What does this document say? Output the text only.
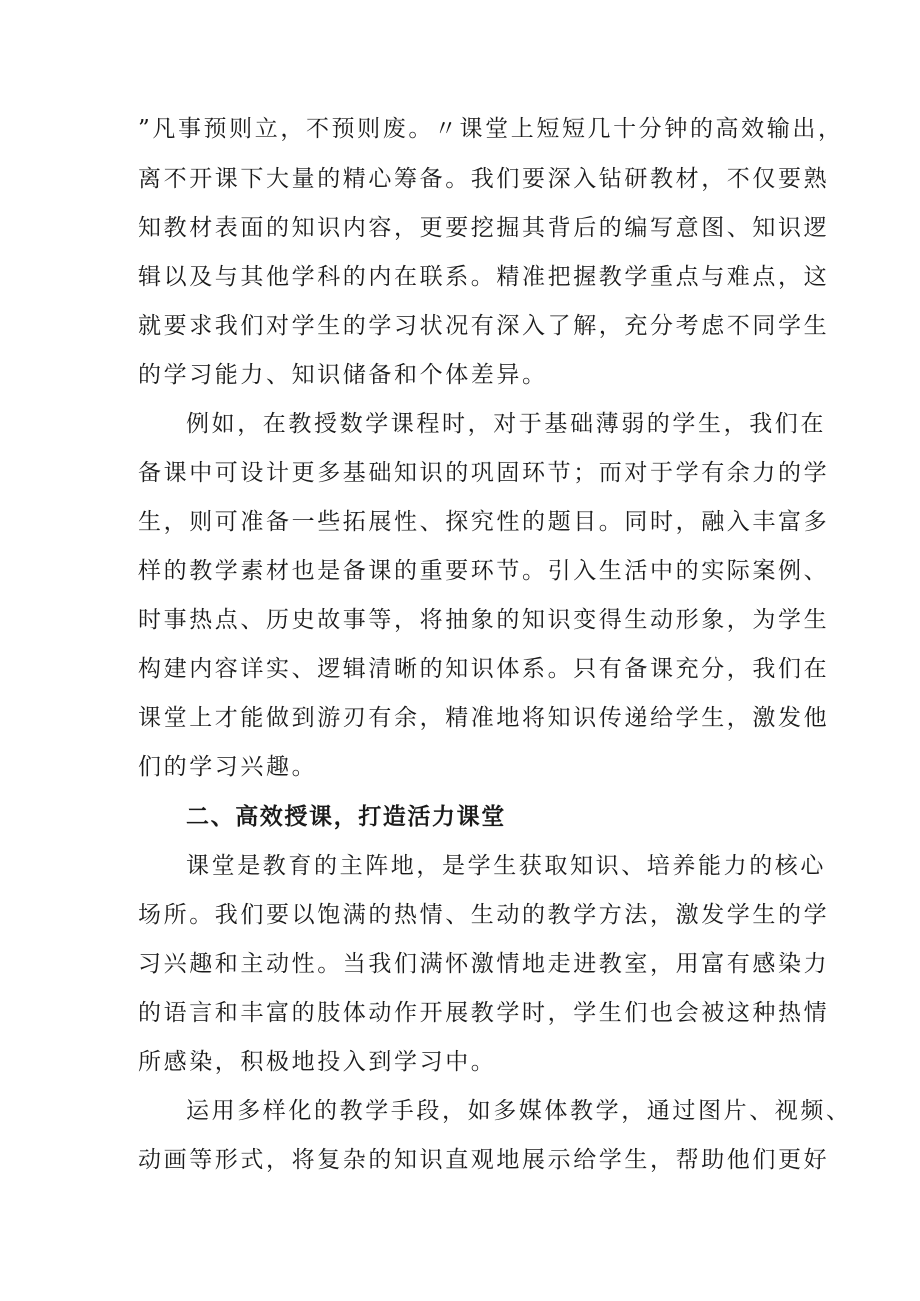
”凡事预则立，不预则废。〃课堂上短短几十分钟的高效输出，

离不开课下大量的精心筹备。我们要深入钻研教材，不仅要熟

知教材表面的知识内容，更要挖掘其背后的编写意图、知识逻

辑以及与其他学科的内在联系。精准把握教学重点与难点，这

就要求我们对学生的学习状况有深入了解，充分考虑不同学生

的学习能力、知识储备和个体差异。

例如，在教授数学课程时，对于基础薄弱的学生，我们在

备课中可设计更多基础知识的巩固环节；而对于学有余力的学

生，则可准备一些拓展性、探究性的题目。同时，融入丰富多

样的教学素材也是备课的重要环节。引入生活中的实际案例、

时事热点、历史故事等，将抽象的知识变得生动形象，为学生

构建内容详实、逻辑清晰的知识体系。只有备课充分，我们在

课堂上才能做到游刃有余，精准地将知识传递给学生，激发他

们的学习兴趣。

二、高效授课，打造活力课堂

课堂是教育的主阵地，是学生获取知识、培养能力的核心

场所。我们要以饱满的热情、生动的教学方法，激发学生的学

习兴趣和主动性。当我们满怀激情地走进教室，用富有感染力

的语言和丰富的肢体动作开展教学时，学生们也会被这种热情

所感染，积极地投入到学习中。

运用多样化的教学手段，如多媒体教学，通过图片、视频、

动画等形式，将复杂的知识直观地展示给学生，帮助他们更好
